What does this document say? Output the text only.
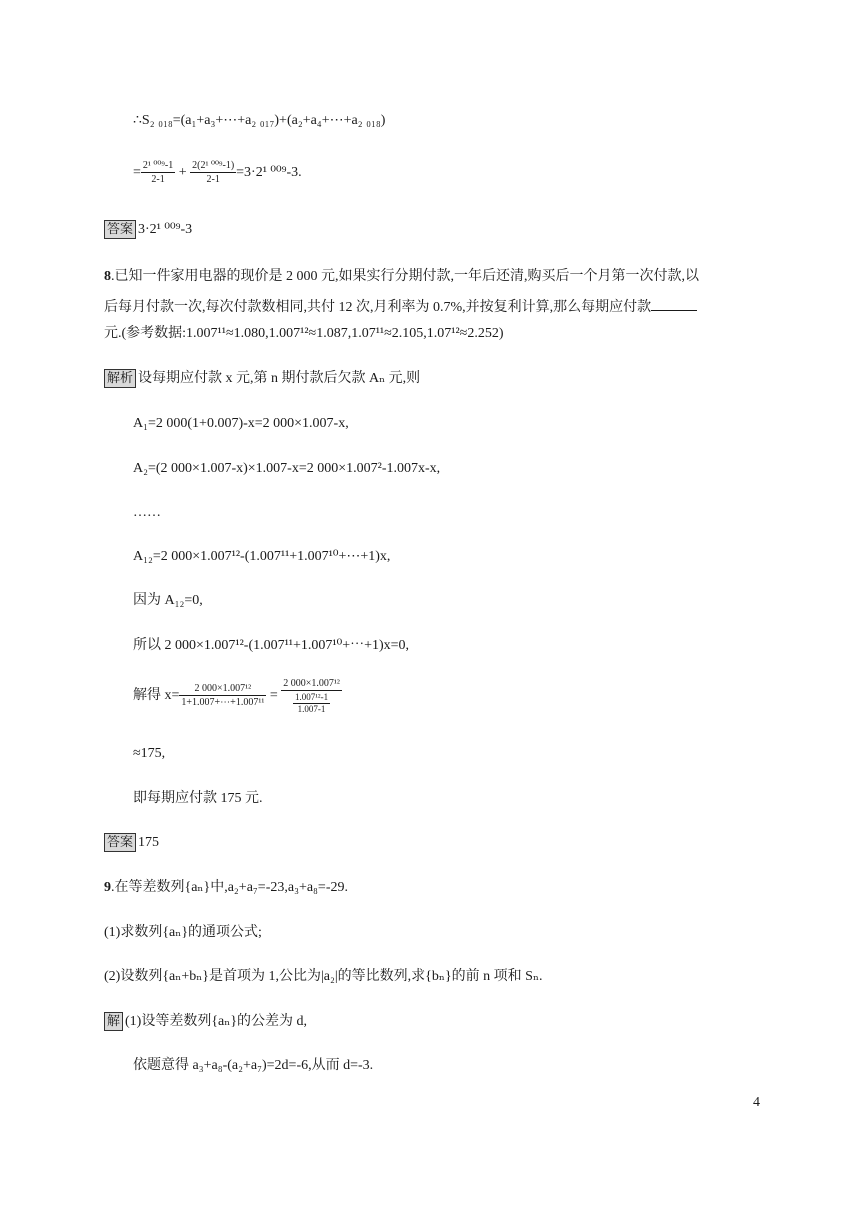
∴S₂ ₀₁₈=(a₁+a₃+⋯+a₂ ₀₁₇)+(a₂+a₄+⋯+a₂ ₀₁₈)
= $\frac{\text{2¹ ⁰⁰⁹-1}}{2-1} + \frac{\text{2(2¹ ⁰⁰⁹-1)}}{2-1} =3\cdot 2^1$ ⁰⁰⁹-3.
答案 3·2¹ ⁰⁰⁹-3
8.已知一件家用电器的现价是 2 000 元,如果实行分期付款,一年后还清,购买后一个月第一次付款,以
后每月付款一次,每次付款数相同,共付 12 次,月利率为 0.7%,并按复利计算,那么每期应付款
元.(参考数据:1.007¹¹≈1.080,1.007¹²≈1.087,1.07¹¹≈2.105,1.07¹²≈2.252)
解析 设每期应付款 x 元,第 n 期付款后欠款 Aₙ 元,则
A₁=2 000(1+0.007)-x=2 000×1.007-x,
A₂=(2 000×1.007-x)×1.007-x=2 000×1.007²-1.007x-x,
……
A₁₂=2 000×1.007¹²-(1.007¹¹+1.007¹⁰+⋯+1)x,
因为 A₁₂=0,
所以 2 000×1.007¹²-(1.007¹¹+1.007¹⁰+⋯+1)x=0,
解得 $x= \frac{\text{2 000×1.007¹²}}{\text{1+1.007+⋯+1.007¹¹}} = \frac{\text{2 000×1.007¹²}}{\frac{\text{1.007¹²-1}}{1.007-1}}$
≈175,
即每期应付款 175 元.
答案 175
9.在等差数列{aₙ}中,a₂+a₇=-23,a₃+a₈=-29.
(1)求数列{aₙ}的通项公式;
(2)设数列{aₙ+bₙ}是首项为 1,公比为|a₂|的等比数列,求{bₙ}的前 n 项和 Sₙ.
解 (1)设等差数列{aₙ}的公差为 d,
依题意得 a₃+a₈-(a₂+a₇)=2d=-6,从而 d=-3.
4
